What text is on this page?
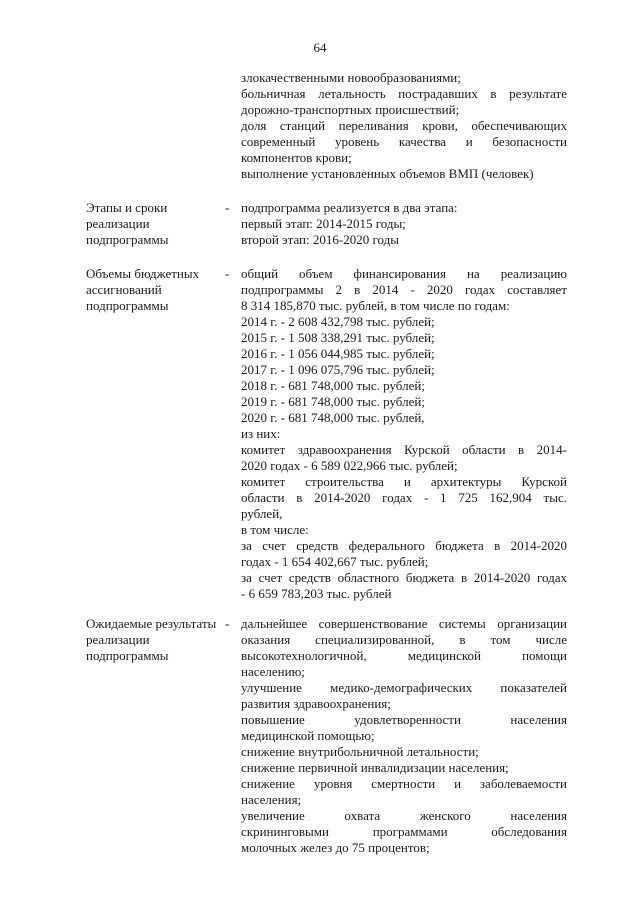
64
злокачественными новообразованиями;
больничная летальность пострадавших в результате
дорожно-транспортных происшествий;
доля станций переливания крови, обеспечивающих
современный уровень качества и безопасности
компонентов крови;
выполнение установленных объемов ВМП (человек)
Этапы и сроки
реализации
подпрограммы
- подпрограмма реализуется в два этапа:
первый этап: 2014-2015 годы;
второй этап: 2016-2020 годы
Объемы бюджетных
ассигнований
подпрограммы
- общий объем финансирования на реализацию
подпрограммы 2 в 2014 - 2020 годах составляет
8 314 185,870 тыс. рублей, в том числе по годам:
2014 г. - 2 608 432,798 тыс. рублей;
2015 г. - 1 508 338,291 тыс. рублей;
2016 г. - 1 056 044,985 тыс. рублей;
2017 г. - 1 096 075,796 тыс. рублей;
2018 г. - 681 748,000 тыс. рублей;
2019 г. - 681 748,000 тыс. рублей;
2020 г. - 681 748,000 тыс. рублей,
из них:
комитет здравоохранения Курской области в 2014-
2020 годах - 6 589 022,966 тыс. рублей;
комитет строительства и архитектуры Курской
области в 2014-2020 годах - 1 725 162,904 тыс.
рублей,
в том числе:
за счет средств федерального бюджета в 2014-2020
годах - 1 654 402,667 тыс. рублей;
за счет средств областного бюджета в 2014-2020 годах
- 6 659 783,203 тыс. рублей
Ожидаемые результаты
реализации
подпрограммы
- дальнейшее совершенствование системы организации
оказания специализированной, в том числе
высокотехнологичной, медицинской помощи
населению;
улучшение медико-демографических показателей
развития здравоохранения;
повышение удовлетворенности населения
медицинской помощью;
снижение внутрибольничной летальности;
снижение первичной инвалидизации населения;
снижение уровня смертности и заболеваемости
населения;
увеличение охвата женского населения
скрининговыми программами обследования
молочных желез до 75 процентов;
